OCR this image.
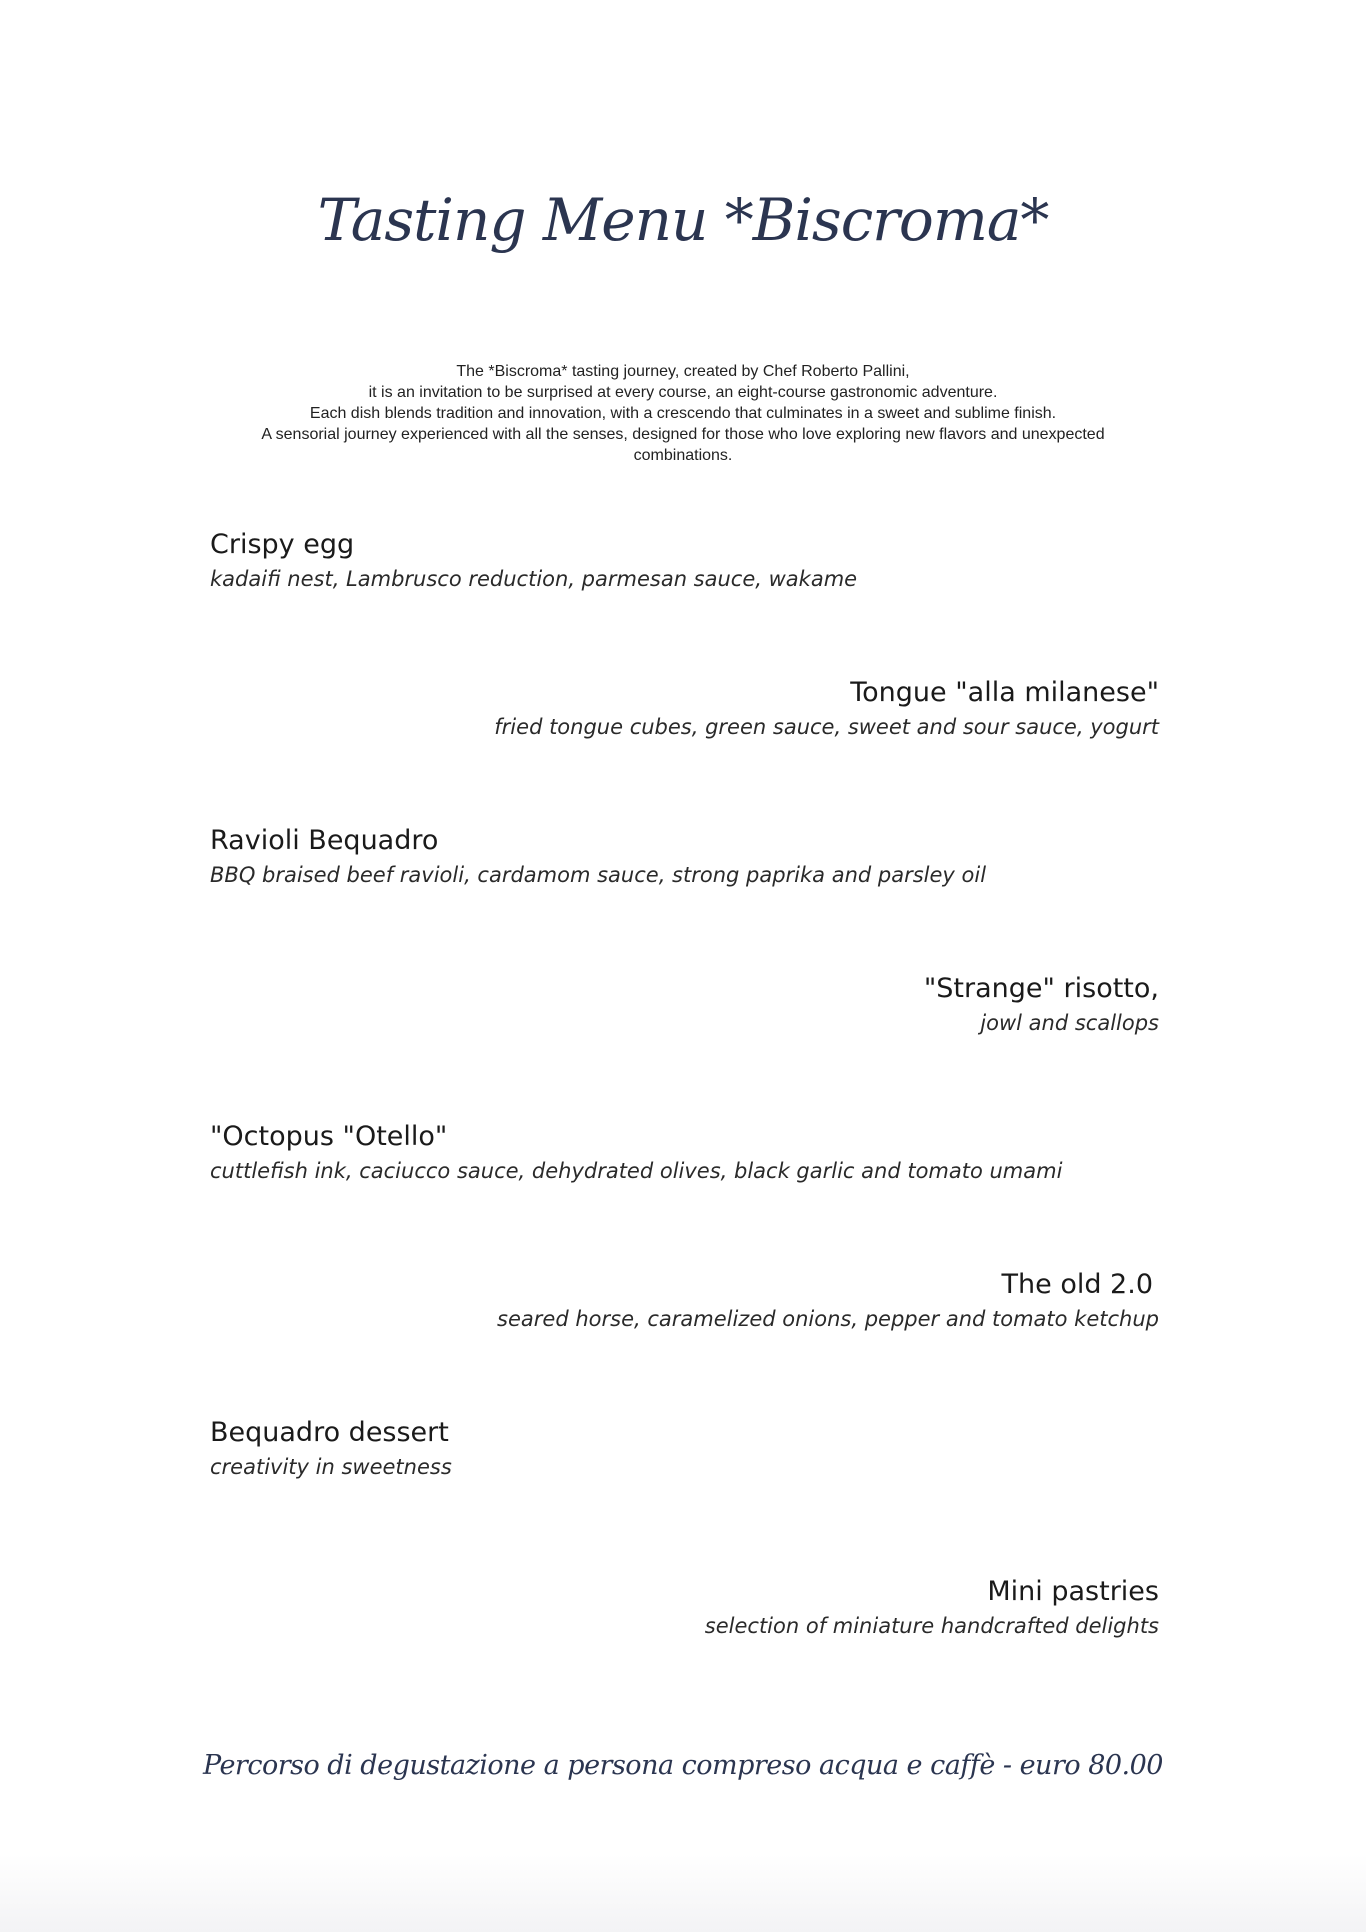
Tasting Menu *Biscroma*

The *Biscroma* tasting journey, created by Chef Roberto Pallini,
it is an invitation to be surprised at every course, an eight-course gastronomic adventure.
Each dish blends tradition and innovation, with a crescendo that culminates in a sweet and sublime finish.
A sensorial journey experienced with all the senses, designed for those who love exploring new flavors and unexpected
combinations.

Crispy egg
kadaifi nest, Lambrusco reduction, parmesan sauce, wakame
Tongue "alla milanese"
fried tongue cubes, green sauce, sweet and sour sauce, yogurt
Ravioli Bequadro
BBQ braised beef ravioli, cardamom sauce, strong paprika and parsley oil
"Strange" risotto,
jowl and scallops
"Octopus "Otello"
cuttlefish ink, caciucco sauce, dehydrated olives, black garlic and tomato umami
The old 2.0
seared horse, caramelized onions, pepper and tomato ketchup
Bequadro dessert
creativity in sweetness
Mini pastries
selection of miniature handcrafted delights

Percorso di degustazione a persona compreso acqua e caffè - euro 80.00
